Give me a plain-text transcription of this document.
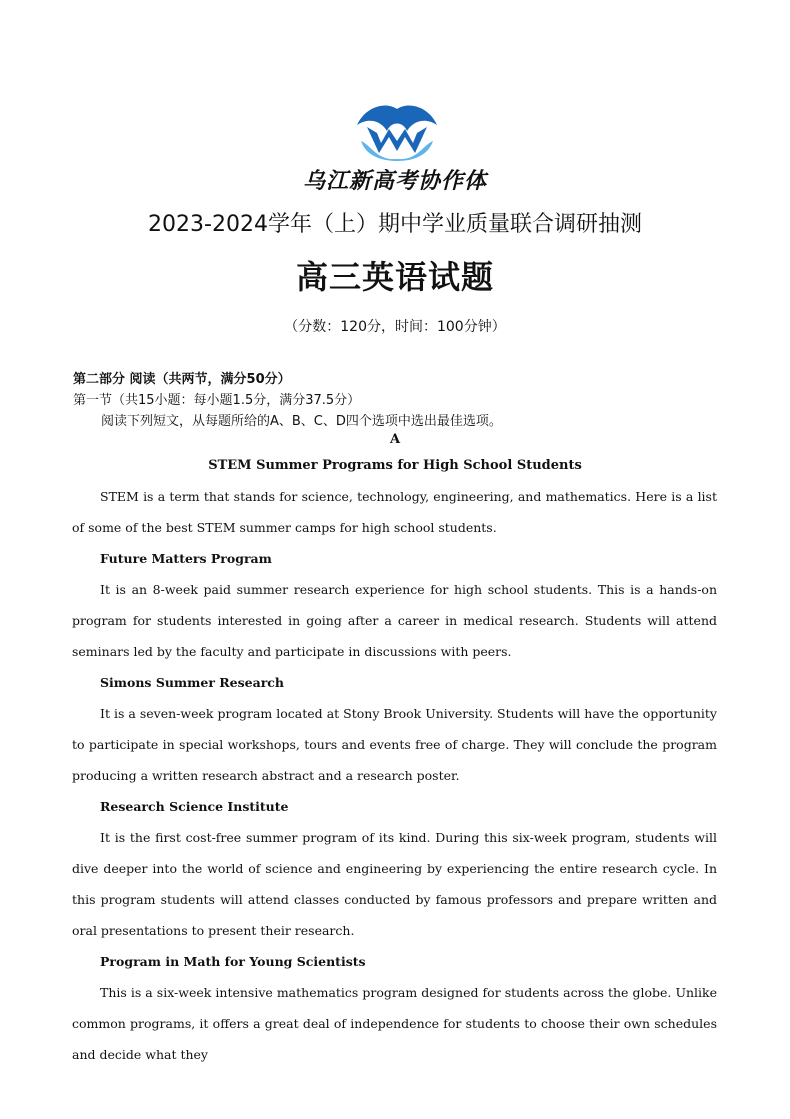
乌江新高考协作体
2023-2024学年（上）期中学业质量联合调研抽测
高三英语试题
（分数：120分，时间：100分钟）
第二部分 阅读（共两节，满分50分）
第一节（共15小题：每小题1.5分，满分37.5分）
阅读下列短文，从每题所给的A、B、C、D四个选项中选出最佳选项。
A
STEM Summer Programs for High School Students

STEM is a term that stands for science, technology, engineering, and mathematics. Here is a list of some of the best STEM summer camps for high school students.

Future Matters Program

It is an 8-week paid summer research experience for high school students. This is a hands-on program for students interested in going after a career in medical research. Students will attend seminars led by the faculty and participate in discussions with peers.

Simons Summer Research

It is a seven-week program located at Stony Brook University. Students will have the opportunity to participate in special workshops, tours and events free of charge. They will conclude the program producing a written research abstract and a research poster.

Research Science Institute

It is the first cost-free summer program of its kind. During this six-week program, students will dive deeper into the world of science and engineering by experiencing the entire research cycle. In this program students will attend classes conducted by famous professors and prepare written and oral presentations to present their research.

Program in Math for Young Scientists

This is a six-week intensive mathematics program designed for students across the globe. Unlike common programs, it offers a great deal of independence for students to choose their own schedules and decide what they
